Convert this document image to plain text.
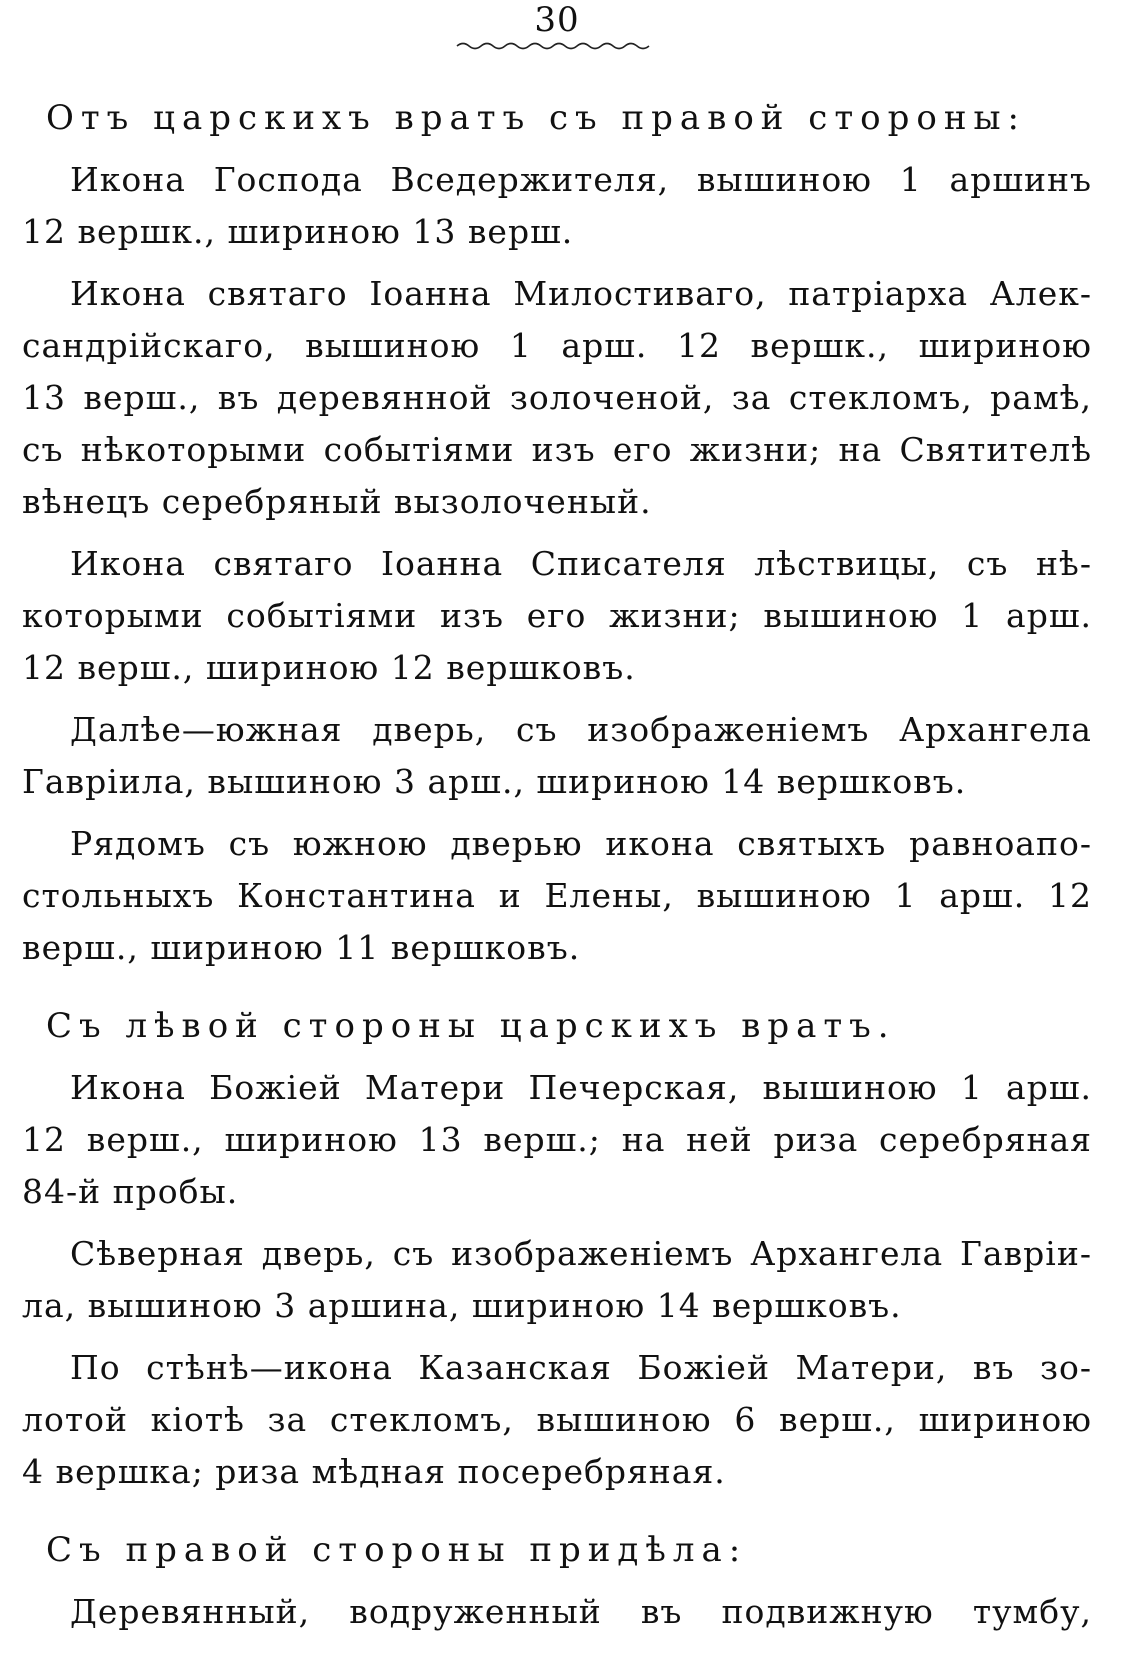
30
Отъ царскихъ вратъ съ правой стороны:
Икона Господа Вседержителя, вышиною 1 аршинъ
12 вершк., шириною 13 верш.
Икона святаго Іоанна Милостиваго, патріарха Алек-
сандрійскаго, вышиною 1 арш. 12 вершк., шириною
13 верш., въ деревянной золоченой, за стекломъ, рамѣ,
съ нѣкоторыми событіями изъ его жизни; на Святителѣ
вѣнецъ серебряный вызолоченый.
Икона святаго Іоанна Списателя лѣствицы, съ нѣ-
которыми событіями изъ его жизни; вышиною 1 арш.
12 верш., шириною 12 вершковъ.
Далѣе—южная дверь, съ изображеніемъ Архангела
Гавріила, вышиною 3 арш., шириною 14 вершковъ.
Рядомъ съ южною дверью икона святыхъ равноапо-
стольныхъ Константина и Елены, вышиною 1 арш. 12
верш., шириною 11 вершковъ.
Съ лѣвой стороны царскихъ вратъ.
Икона Божіей Матери Печерская, вышиною 1 арш.
12 верш., шириною 13 верш.; на ней риза серебряная
84-й пробы.
Сѣверная дверь, съ изображеніемъ Архангела Гавріи-
ла, вышиною 3 аршина, шириною 14 вершковъ.
По стѣнѣ—икона Казанская Божіей Матери, въ зо-
лотой кіотѣ за стекломъ, вышиною 6 верш., шириною
4 вершка; риза мѣдная посеребряная.
Съ правой стороны придѣла:
Деревянный, водруженный въ подвижную тумбу,
